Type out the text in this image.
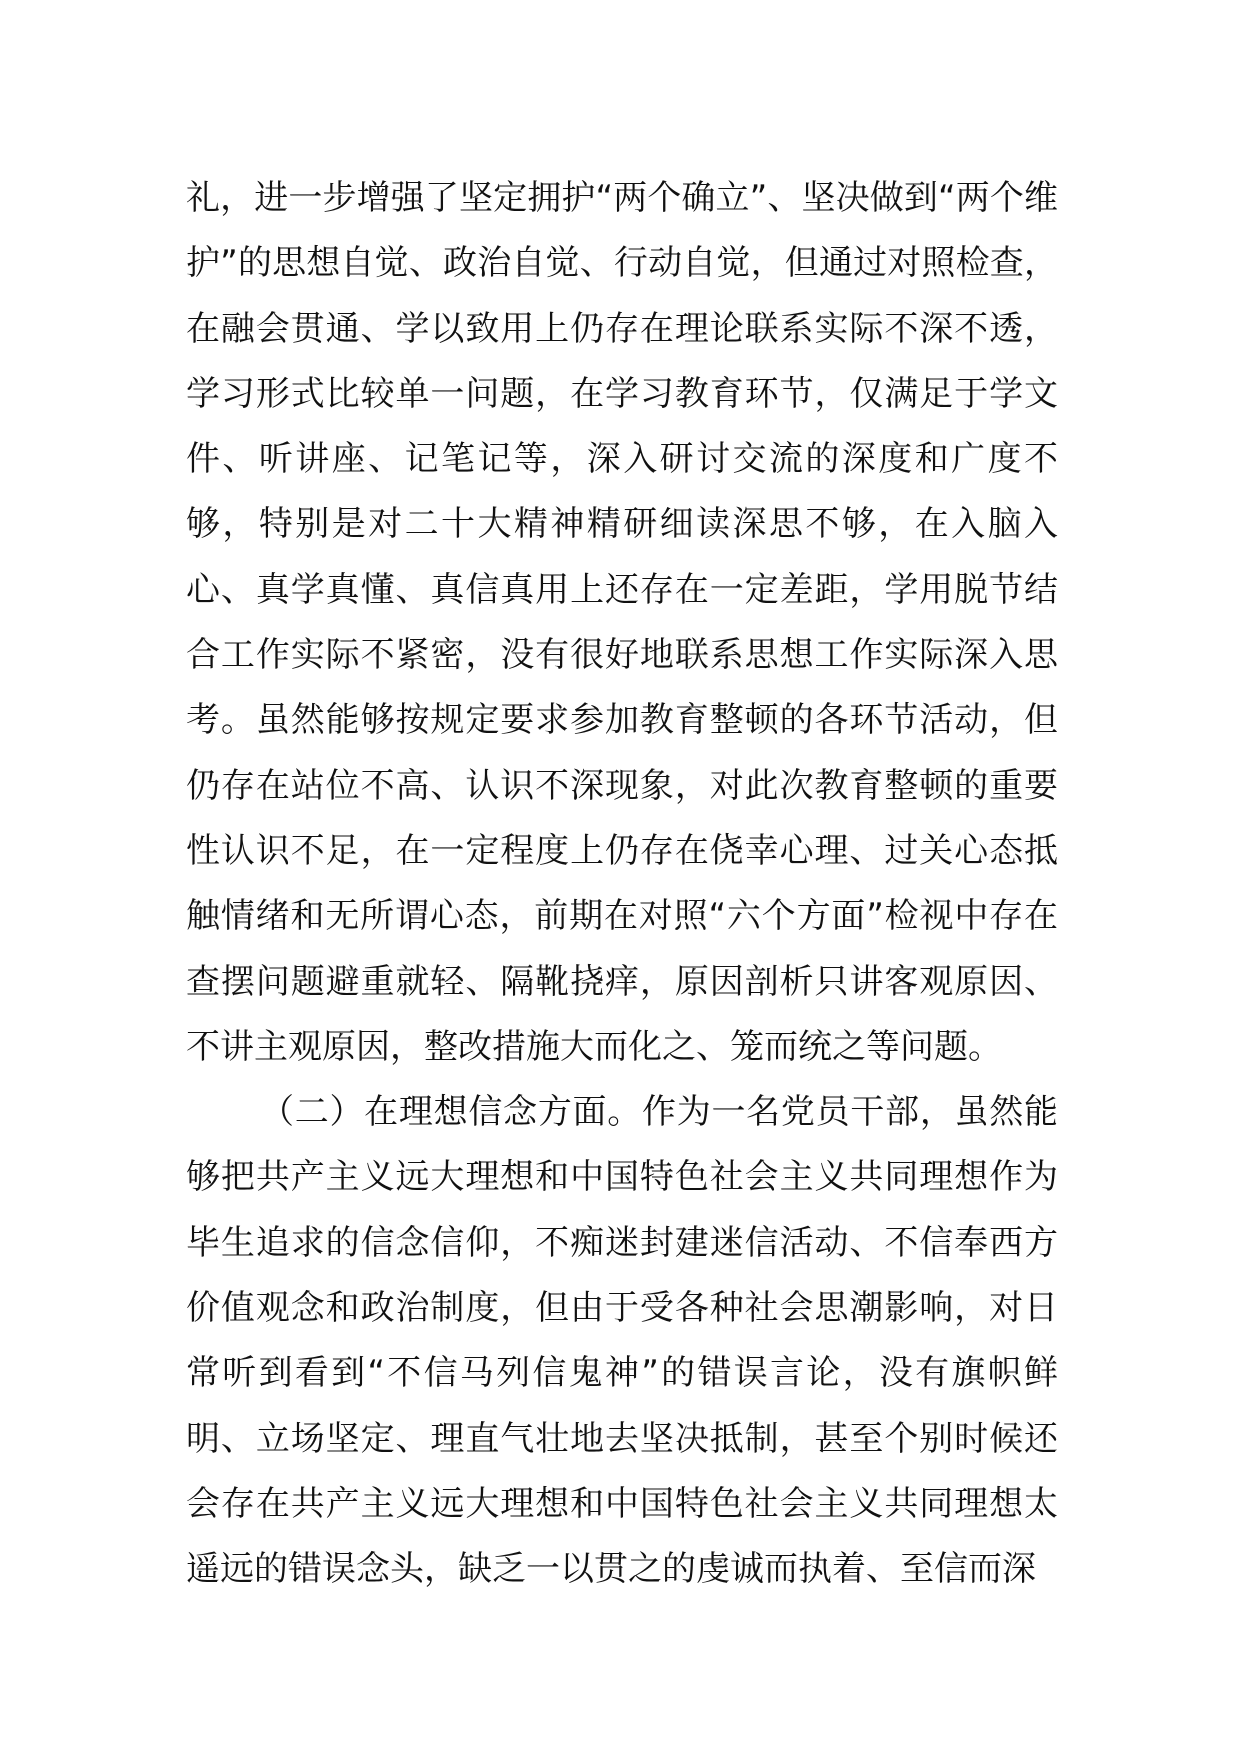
礼，进一步增强了坚定拥护“两个确立”、坚决做到“两个维护”的思想自觉、政治自觉、行动自觉，但通过对照检查，在融会贯通、学以致用上仍存在理论联系实际不深不透，学习形式比较单一问题，在学习教育环节，仅满足于学文件、听讲座、记笔记等，深入研讨交流的深度和广度不够，特别是对二十大精神精研细读深思不够，在入脑入心、真学真懂、真信真用上还存在一定差距，学用脱节结合工作实际不紧密，没有很好地联系思想工作实际深入思考。虽然能够按规定要求参加教育整顿的各环节活动，但仍存在站位不高、认识不深现象，对此次教育整顿的重要性认识不足，在一定程度上仍存在侥幸心理、过关心态抵触情绪和无所谓心态，前期在对照“六个方面”检视中存在查摆问题避重就轻、隔靴挠痒，原因剖析只讲客观原因、不讲主观原因，整改措施大而化之、笼而统之等问题。

（二）在理想信念方面。作为一名党员干部，虽然能够把共产主义远大理想和中国特色社会主义共同理想作为毕生追求的信念信仰，不痴迷封建迷信活动、不信奉西方价值观念和政治制度，但由于受各种社会思潮影响，对日常听到看到“不信马列信鬼神”的错误言论，没有旗帜鲜明、立场坚定、理直气壮地去坚决抵制，甚至个别时候还会存在共产主义远大理想和中国特色社会主义共同理想太遥远的错误念头，缺乏一以贯之的虔诚而执着、至信而深
